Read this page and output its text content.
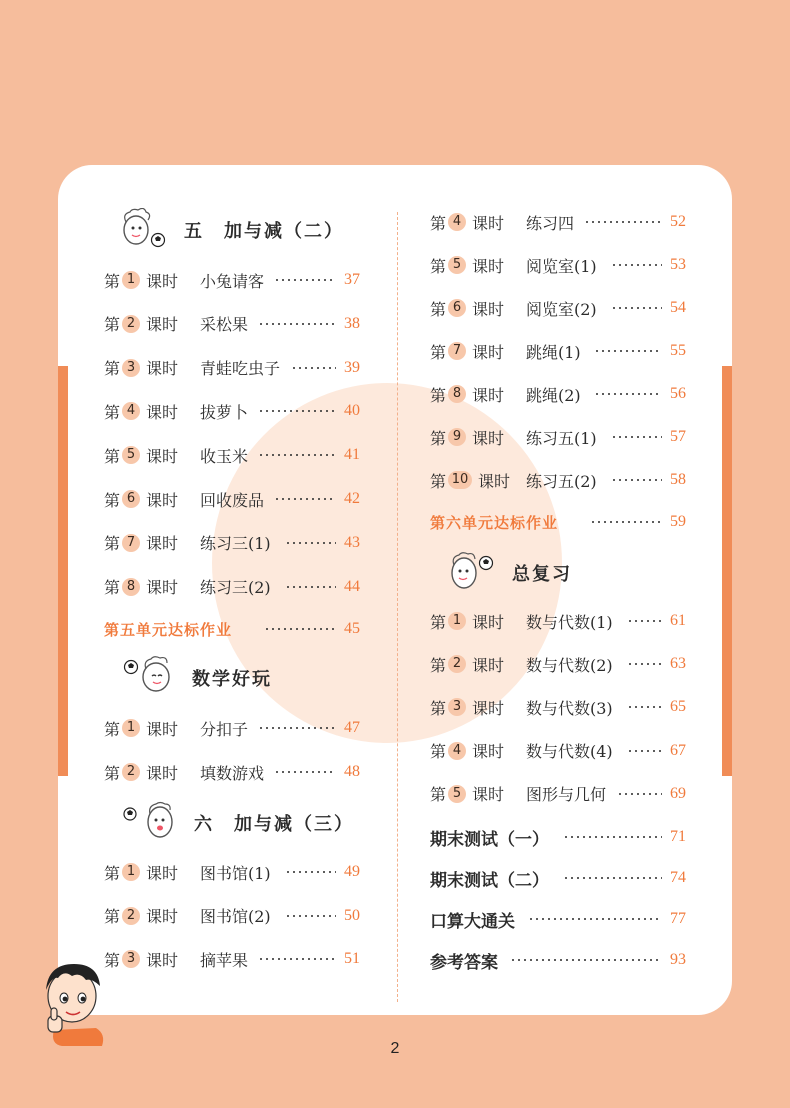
五　加与减（二）
第 1 课时 小兔请客	37
第 2 课时 采松果	38
第 3 课时 青蛙吃虫子	39
第 4 课时 拔萝卜	40
第 5 课时 收玉米	41
第 6 课时 回收废品	42
第 7 课时 练习三(1)	43
第 8 课时 练习三(2)	44
第五单元达标作业	45
数学好玩
第 1 课时 分扣子	47
第 2 课时 填数游戏	48
六　加与减（三）
第 1 课时 图书馆(1)	49
第 2 课时 图书馆(2)	50
第 3 课时 摘苹果	51
第 4 课时 练习四	52
第 5 课时 阅览室(1)	53
第 6 课时 阅览室(2)	54
第 7 课时 跳绳(1)	55
第 8 课时 跳绳(2)	56
第 9 课时 练习五(1)	57
第 10 课时 练习五(2)	58
第六单元达标作业	59
总复习
第 1 课时 数与代数(1)	61
第 2 课时 数与代数(2)	63
第 3 课时 数与代数(3)	65
第 4 课时 数与代数(4)	67
第 5 课时 图形与几何	69
期末测试（一）	71
期末测试（二）	74
口算大通关	77
参考答案	93
2
